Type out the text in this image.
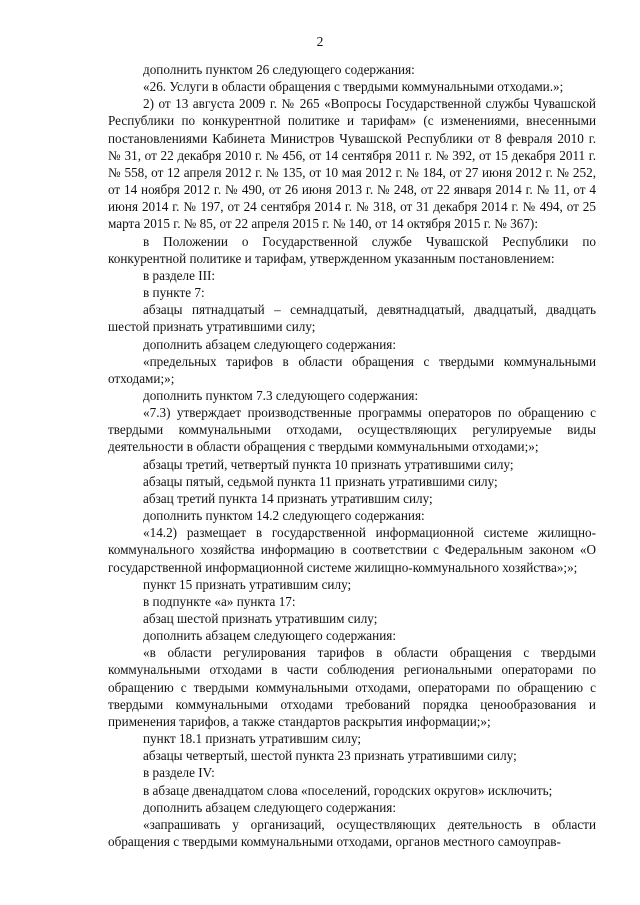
2

дополнить пунктом 26 следующего содержания:

«26. Услуги в области обращения с твердыми коммунальными отходами.»;

2) от 13 августа 2009 г. № 265 «Вопросы Государственной службы Чувашской Республики по конкурентной политике и тарифам» (с изменениями, внесенными постановлениями Кабинета Министров Чувашской Республики от 8 февраля 2010 г. № 31, от 22 декабря 2010 г. № 456, от 14 сентября 2011 г. № 392, от 15 декабря 2011 г. № 558, от 12 апреля 2012 г. № 135, от 10 мая 2012 г. № 184, от 27 июня 2012 г. № 252, от 14 ноября 2012 г. № 490, от 26 июня 2013 г. № 248, от 22 января 2014 г. № 11, от 4 июня 2014 г. № 197, от 24 сентября 2014 г. № 318, от 31 декабря 2014 г. № 494, от 25 марта 2015 г. № 85, от 22 апреля 2015 г. № 140, от 14 октября 2015 г. № 367):

в Положении о Государственной службе Чувашской Республики по конкурентной политике и тарифам, утвержденном указанным постановлением:

в разделе III:

в пункте 7:

абзацы пятнадцатый – семнадцатый, девятнадцатый, двадцатый, двадцать шестой признать утратившими силу;

дополнить абзацем следующего содержания:

«предельных тарифов в области обращения с твердыми коммунальными отходами;»;

дополнить пунктом 7.3 следующего содержания:

«7.3) утверждает производственные программы операторов по обращению с твердыми коммунальными отходами, осуществляющих регулируемые виды деятельности в области обращения с твердыми коммунальными отходами;»;

абзацы третий, четвертый пункта 10 признать утратившими силу;

абзацы пятый, седьмой пункта 11 признать утратившими силу;

абзац третий пункта 14 признать утратившим силу;

дополнить пунктом 14.2 следующего содержания:

«14.2) размещает в государственной информационной системе жилищно-коммунального хозяйства информацию в соответствии с Федеральным законом «О государственной информационной системе жилищно-коммунального хозяйства»;»;

пункт 15 признать утратившим силу;

в подпункте «а» пункта 17:

абзац шестой признать утратившим силу;

дополнить абзацем следующего содержания:

«в области регулирования тарифов в области обращения с твердыми коммунальными отходами в части соблюдения региональными операторами по обращению с твердыми коммунальными отходами, операторами по обращению с твердыми коммунальными отходами требований порядка ценообразования и применения тарифов, а также стандартов раскрытия информации;»;

пункт 18.1 признать утратившим силу;

абзацы четвертый, шестой пункта 23 признать утратившими силу;

в разделе IV:

в абзаце двенадцатом слова «поселений, городских округов» исключить;

дополнить абзацем следующего содержания:

«запрашивать у организаций, осуществляющих деятельность в области обращения с твердыми коммунальными отходами, органов местного самоуправ-
